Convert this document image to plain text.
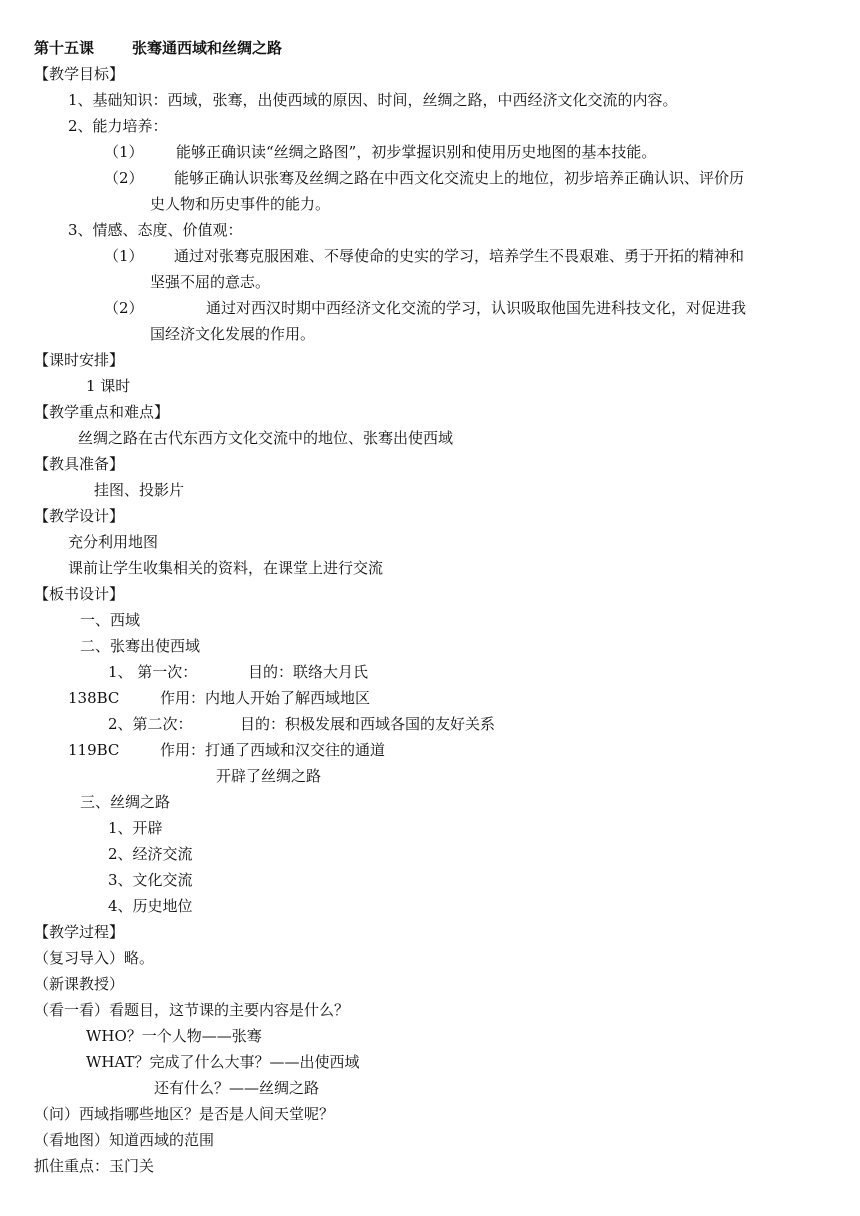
第十五课	张骞通西域和丝绸之路
【教学目标】
1、基础知识：西域，张骞，出使西域的原因、时间，丝绸之路，中西经济文化交流的内容。
2、能力培养：
（1） 能够正确识读“丝绸之路图”，初步掌握识别和使用历史地图的基本技能。
（2） 能够正确认识张骞及丝绸之路在中西文化交流史上的地位，初步培养正确认识、评价历
史人物和历史事件的能力。
3、情感、态度、价值观：
（1） 通过对张骞克服困难、不辱使命的史实的学习，培养学生不畏艰难、勇于开拓的精神和
坚强不屈的意志。
（2）	通过对西汉时期中西经济文化交流的学习，认识吸取他国先进科技文化，对促进我
国经济文化发展的作用。
【课时安排】
1 课时
【教学重点和难点】
丝绸之路在古代东西方文化交流中的地位、张骞出使西域
【教具准备】
挂图、投影片
【教学设计】
充分利用地图
课前让学生收集相关的资料，在课堂上进行交流
【板书设计】
一、西域
二、张骞出使西域
1、 第一次：	目的：联络大月氏
138BC	作用：内地人开始了解西域地区
2、第二次：	目的：积极发展和西域各国的友好关系
119BC	作用：打通了西域和汉交往的通道
开辟了丝绸之路
三、丝绸之路
1、开辟
2、经济交流
3、文化交流
4、历史地位
【教学过程】
（复习导入）略。
（新课教授）
（看一看）看题目，这节课的主要内容是什么？
WHO？一个人物——张骞
WHAT？完成了什么大事？——出使西域
还有什么？——丝绸之路
（问）西域指哪些地区？是否是人间天堂呢？
（看地图）知道西域的范围
抓住重点：玉门关
